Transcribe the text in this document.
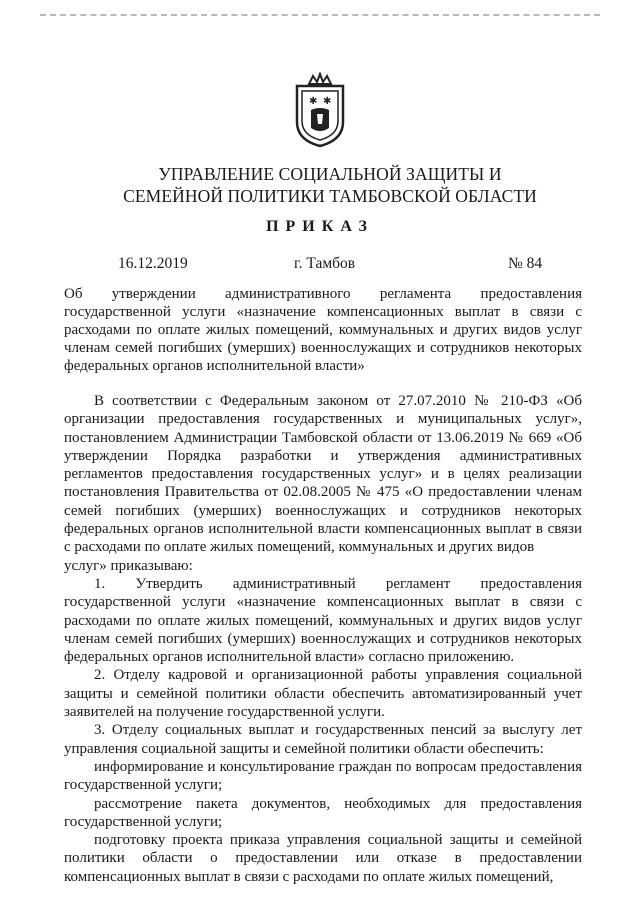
✱ ✱
УПРАВЛЕНИЕ СОЦИАЛЬНОЙ ЗАЩИТЫ И
СЕМЕЙНОЙ ПОЛИТИКИ ТАМБОВСКОЙ ОБЛАСТИ
ПРИКАЗ
16.12.2019	г. Тамбов	№ 84
Об утверждении административного регламента предоставления государственной услуги «назначение компенсационных выплат в связи с расходами по оплате жилых помещений, коммунальных и других видов услуг членам семей погибших (умерших) военнослужащих и сотрудников некоторых федеральных органов исполнительной власти»

В соответствии с Федеральным законом от 27.07.2010 № 210-ФЗ «Об организации предоставления государственных и муниципальных услуг», постановлением Администрации Тамбовской области от 13.06.2019 № 669 «Об утверждении Порядка разработки и утверждения административных регламентов предоставления государственных услуг» и в целях реализации постановления Правительства от 02.08.2005 № 475 «О предоставлении членам семей погибших (умерших) военнослужащих и сотрудников некоторых федеральных органов исполнительной власти компенсационных выплат в связи с расходами по оплате жилых помещений, коммунальных и других видов

услуг» приказываю:

1. Утвердить административный регламент предоставления государственной услуги «назначение компенсационных выплат в связи с расходами по оплате жилых помещений, коммунальных и других видов услуг членам семей погибших (умерших) военнослужащих и сотрудников некоторых федеральных органов исполнительной власти» согласно приложению.

2. Отделу кадровой и организационной работы управления социальной защиты и семейной политики области обеспечить автоматизированный учет заявителей на получение государственной услуги.

3. Отделу социальных выплат и государственных пенсий за выслугу лет управления социальной защиты и семейной политики области обеспечить:

информирование и консультирование граждан по вопросам предоставления государственной услуги;

рассмотрение пакета документов, необходимых для предоставления государственной услуги;

подготовку проекта приказа управления социальной защиты и семейной политики области о предоставлении или отказе в предоставлении компенсационных выплат в связи с расходами по оплате жилых помещений,
